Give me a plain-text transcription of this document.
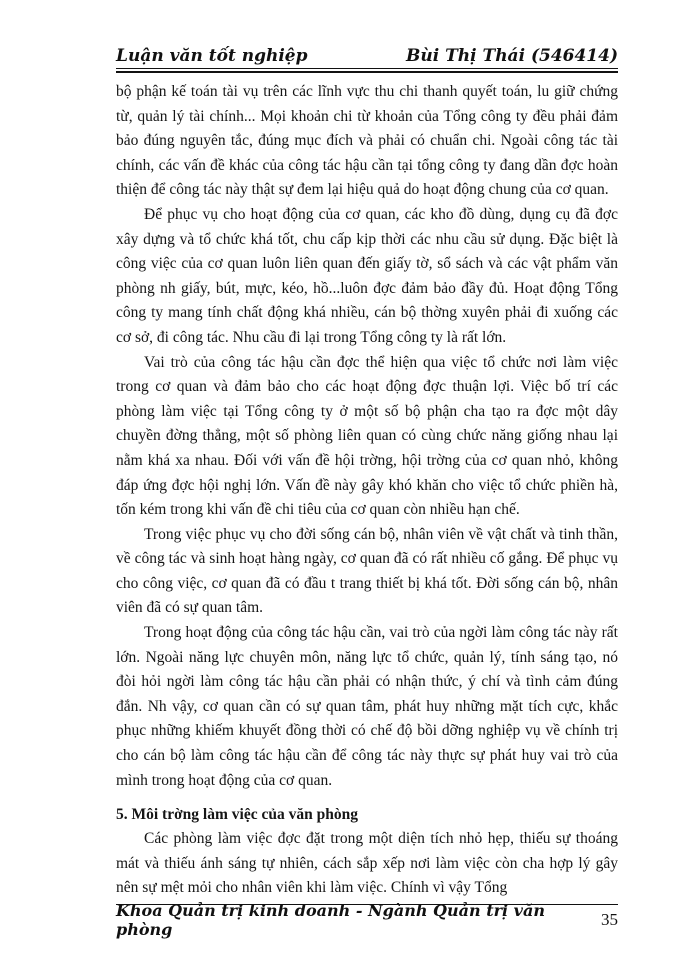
Luận văn tốt nghiệp	Bùi Thị Thái (546414)

bộ phận kế toán tài vụ trên các lĩnh vực thu chi thanh quyết toán, lu giữ chứng từ, quản lý tài chính... Mọi khoản chi từ khoản của Tổng công ty đều phải đảm bảo đúng nguyên tắc, đúng mục đích và phải có chuẩn chi. Ngoài công tác tài chính, các vấn đề khác của công tác hậu cần tại tổng công ty đang dần đợc hoàn thiện để công tác này thật sự đem lại hiệu quả do hoạt động chung của cơ quan.

Để phục vụ cho hoạt động của cơ quan, các kho đồ dùng, dụng cụ đã đợc xây dựng và tổ chức khá tốt, chu cấp kịp thời các nhu cầu sử dụng. Đặc biệt là công việc của cơ quan luôn liên quan đến giấy tờ, sổ sách và các vật phẩm văn phòng nh giấy, bút, mực, kéo, hồ...luôn đợc đảm bảo đầy đủ. Hoạt động Tổng công ty mang tính chất động khá nhiều, cán bộ thờng xuyên phải đi xuống các cơ sở, đi công tác. Nhu cầu đi lại trong Tổng công ty là rất lớn.

Vai trò của công tác hậu cần đợc thể hiện qua việc tổ chức nơi làm việc trong cơ quan và đảm bảo cho các hoạt động đợc thuận lợi. Việc bố trí các phòng làm việc tại Tổng công ty ở một số bộ phận cha tạo ra đợc một dây chuyền đờng thẳng, một số phòng liên quan có cùng chức năng giống nhau lại nằm khá xa nhau. Đối với vấn đề hội trờng, hội trờng của cơ quan nhỏ, không đáp ứng đợc hội nghị lớn. Vấn đề này gây khó khăn cho việc tổ chức phiền hà, tốn kém trong khi vấn đề chi tiêu của cơ quan còn nhiều hạn chế.

Trong việc phục vụ cho đời sống cán bộ, nhân viên về vật chất và tinh thần, về công tác và sinh hoạt hàng ngày, cơ quan đã có rất nhiều cố gắng. Để phục vụ cho công việc, cơ quan đã có đầu t trang thiết bị khá tốt. Đời sống cán bộ, nhân viên đã có sự quan tâm.

Trong hoạt động của công tác hậu cần, vai trò của ngời làm công tác này rất lớn. Ngoài năng lực chuyên môn, năng lực tổ chức, quản lý, tính sáng tạo, nó đòi hỏi ngời làm công tác hậu cần phải có nhận thức, ý chí và tình cảm đúng đắn. Nh vậy, cơ quan cần có sự quan tâm, phát huy những mặt tích cực, khắc phục những khiếm khuyết đồng thời có chế độ bồi dỡng nghiệp vụ về chính trị cho cán bộ làm công tác hậu cần để công tác này thực sự phát huy vai trò của mình trong hoạt động của cơ quan.

5. Môi trờng làm việc của văn phòng

Các phòng làm việc đợc đặt trong một diện tích nhỏ hẹp, thiếu sự thoáng mát và thiếu ánh sáng tự nhiên, cách sắp xếp nơi làm việc còn cha hợp lý gây nên sự mệt mỏi cho nhân viên khi làm việc. Chính vì vậy Tổng

Khoa Quản trị kinh doanh - Ngành Quản trị văn phòng
35
